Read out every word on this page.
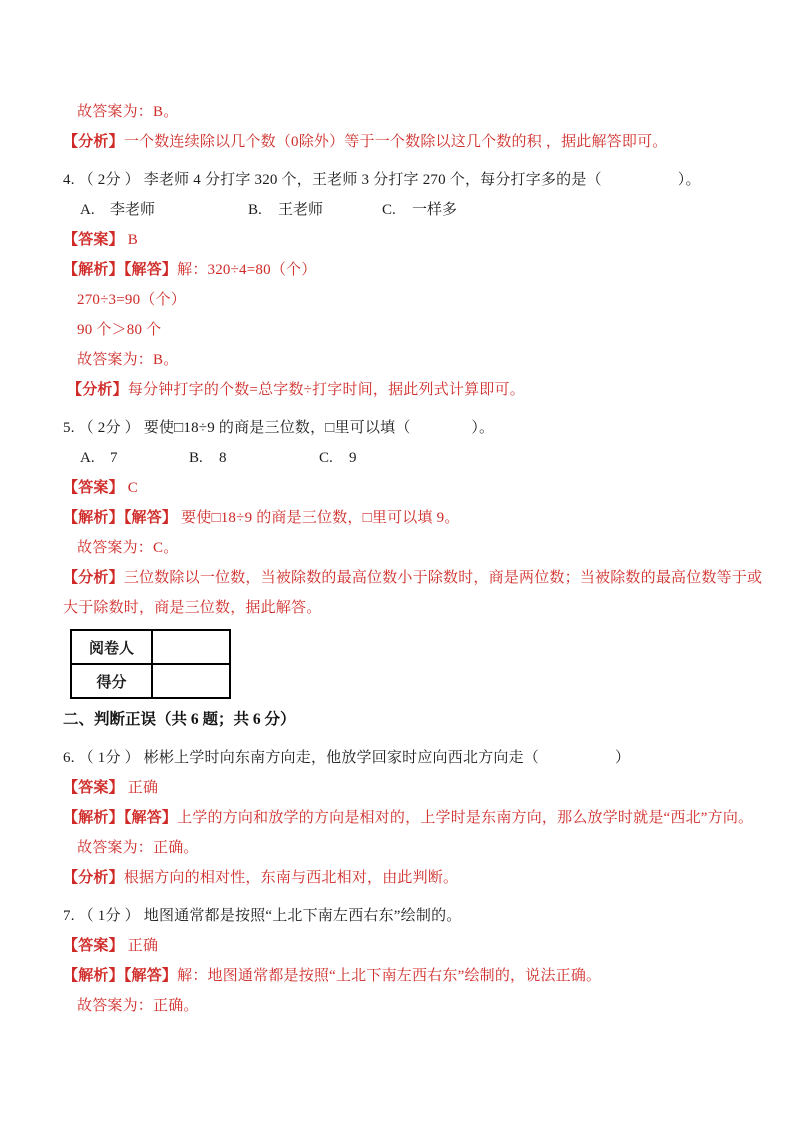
故答案为：B。
【分析】一个数连续除以几个数（0除外）等于一个数除以这几个数的积 ，据此解答即可。
4. （ 2分 ） 李老师 4 分打字 320 个，王老师 3 分打字 270 个，每分打字多的是（　　　　　）。
A. 李老师	B. 王老师	C. 一样多
【答案】 B
【解析】【解答】解：320÷4=80（个）
270÷3=90（个）
90 个＞80 个
故答案为：B。
【分析】每分钟打字的个数=总字数÷打字时间，据此列式计算即可。
5. （ 2分 ） 要使□18÷9 的商是三位数，□里可以填（　　　　）。
A. 7	B. 8	C. 9
【答案】 C
【解析】【解答】 要使□18÷9 的商是三位数，□里可以填 9。
故答案为：C。
【分析】三位数除以一位数，当被除数的最高位数小于除数时，商是两位数；当被除数的最高位数等于或
大于除数时，商是三位数，据此解答。
阅卷人	
得分	
二、判断正误（共 6 题；共 6 分）
6. （ 1分 ） 彬彬上学时向东南方向走，他放学回家时应向西北方向走（　　　　　）
【答案】 正确
【解析】【解答】上学的方向和放学的方向是相对的，上学时是东南方向，那么放学时就是“西北”方向。
故答案为：正确。
【分析】根据方向的相对性，东南与西北相对，由此判断。
7. （ 1分 ） 地图通常都是按照“上北下南左西右东”绘制的。
【答案】 正确
【解析】【解答】解：地图通常都是按照“上北下南左西右东”绘制的，说法正确。
故答案为：正确。
